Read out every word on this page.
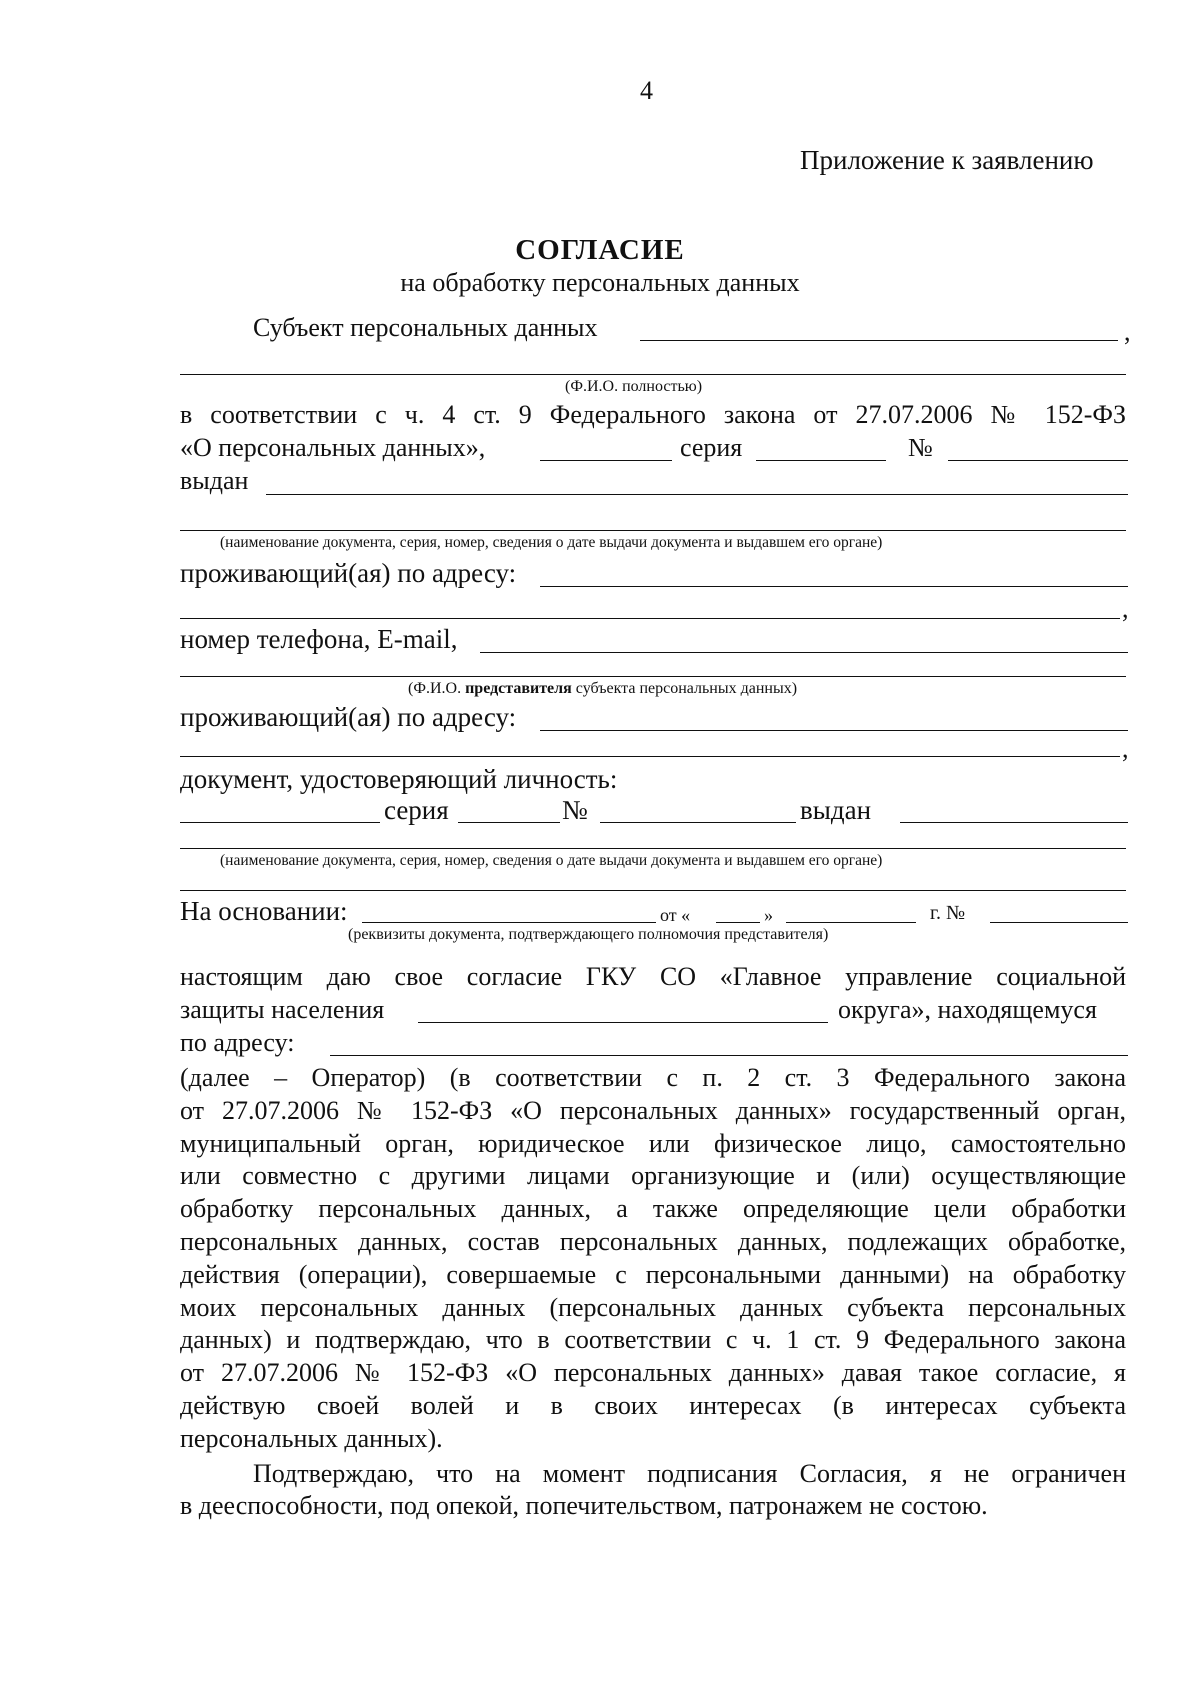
4
Приложение к заявлению
СОГЛАСИЕ
на обработку персональных данных
Субъект персональных данных	,
(Ф.И.О. полностью)
в соответствии с ч. 4 ст. 9 Федерального закона от 27.07.2006 № 152-ФЗ
«О персональных данных»,	серия	№
выдан
(наименование документа, серия, номер, сведения о дате выдачи документа и выдавшем его органе)
проживающий(ая) по адресу:
,
номер телефона, E-mail,
(Ф.И.О. представителя субъекта персональных данных)
проживающий(ая) по адресу:
,
документ, удостоверяющий личность:
серия	№	выдан
(наименование документа, серия, номер, сведения о дате выдачи документа и выдавшем его органе)
На основании:	от «	»	г. №
(реквизиты документа, подтверждающего полномочия представителя)
настоящим даю свое согласие ГКУ СО «Главное управление социальной
защиты населения	округа», находящемуся
по адресу:
(далее – Оператор) (в соответствии с п. 2 ст. 3 Федерального закона
от 27.07.2006 № 152-ФЗ «О персональных данных» государственный орган,
муниципальный орган, юридическое или физическое лицо, самостоятельно
или совместно с другими лицами организующие и (или) осуществляющие
обработку персональных данных, а также определяющие цели обработки
персональных данных, состав персональных данных, подлежащих обработке,
действия (операции), совершаемые с персональными данными) на обработку
моих персональных данных (персональных данных субъекта персональных
данных) и подтверждаю, что в соответствии с ч. 1 ст. 9 Федерального закона
от 27.07.2006 № 152-ФЗ «О персональных данных» давая такое согласие, я
действую своей волей и в своих интересах (в интересах субъекта
персональных данных).
Подтверждаю, что на момент подписания Согласия, я не ограничен
в дееспособности, под опекой, попечительством, патронажем не состою.
